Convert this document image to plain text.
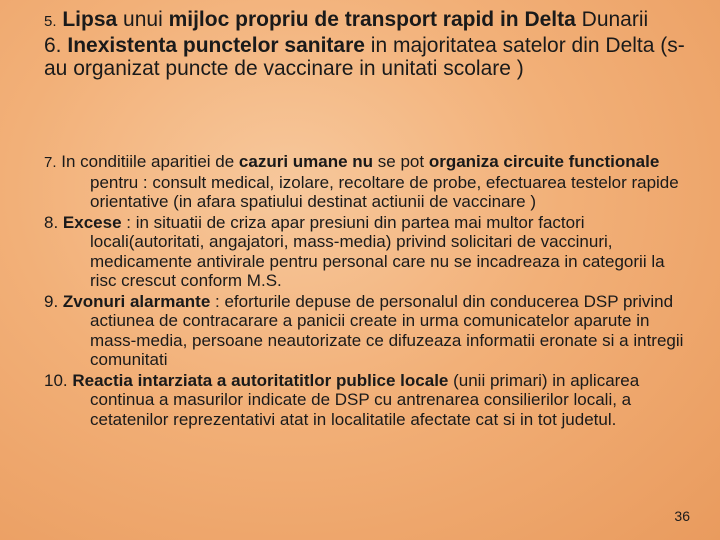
5. Lipsa unui mijloc propriu de transport rapid in Delta Dunarii

6. Inexistenta punctelor sanitare in majoritatea satelor din Delta (s-au organizat puncte de vaccinare in unitati scolare )

7. In conditiile aparitiei de cazuri umane nu se pot organiza circuite functionale pentru : consult medical, izolare, recoltare de probe, efectuarea testelor rapide orientative (in afara spatiului destinat actiunii de vaccinare )

8. Excese : in situatii de criza apar presiuni din partea mai multor factori locali(autoritati, angajatori, mass-media) privind solicitari de vaccinuri, medicamente antivirale pentru personal care nu se incadreaza in categorii la risc crescut conform M.S.

9. Zvonuri alarmante : eforturile depuse de personalul din conducerea DSP privind actiunea de contracarare a panicii create in urma comunicatelor aparute in mass-media, persoane neautorizate ce difuzeaza informatii eronate si a intregii comunitati

10. Reactia intarziata a autoritatitlor publice locale (unii primari) in aplicarea continua a masurilor indicate de DSP cu antrenarea consilierilor locali, a cetatenilor reprezentativi atat in localitatile afectate cat si in tot judetul.

36
